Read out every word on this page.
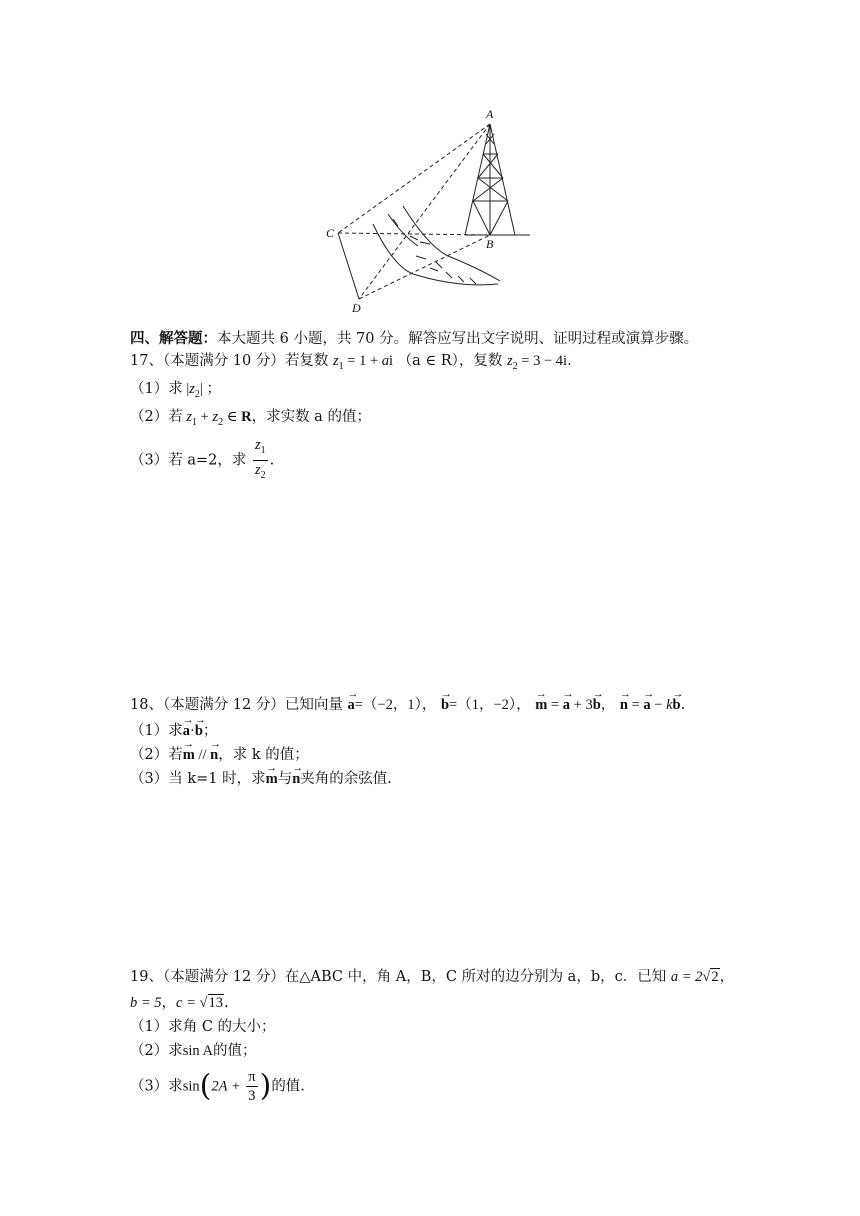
A
B
C
D
四、解答题：本大题共 6 小题，共 70 分。解答应写出文字说明、证明过程或演算步骤。
17、（本题满分 10 分）若复数 $z_1 = 1$ + ai （a ∈ R），复数 $z_2 = 3 - 4i$.
（1）求 $|z_2|$ ；
（2）若 $z_1 + z_2$ ∈ R，求实数 a 的值；
（3）若 a=2，求 $\frac{z_1}{z_2}$ .
18、（本题满分 12 分）已知向量 → a=（−2，1）， → b=（1，−2）， → m = → a + 3→ b， → n = → a − k→ b.
（1）求→ a·→ b；
（2）若→ m // → n，求 k 的值；
（3）当 k=1 时，求→ m与→ n夹角的余弦值.
19、（本题满分 12 分）在△ABC 中，角 A，B，C 所对的边分别为 a，b，c．已知 a = 2√2，
b = 5，c = √13.
（1）求角 C 的大小；
（2）求sin A的值；
（3）求$\sin(2A + \frac{\pi}{3}$ )的值.
